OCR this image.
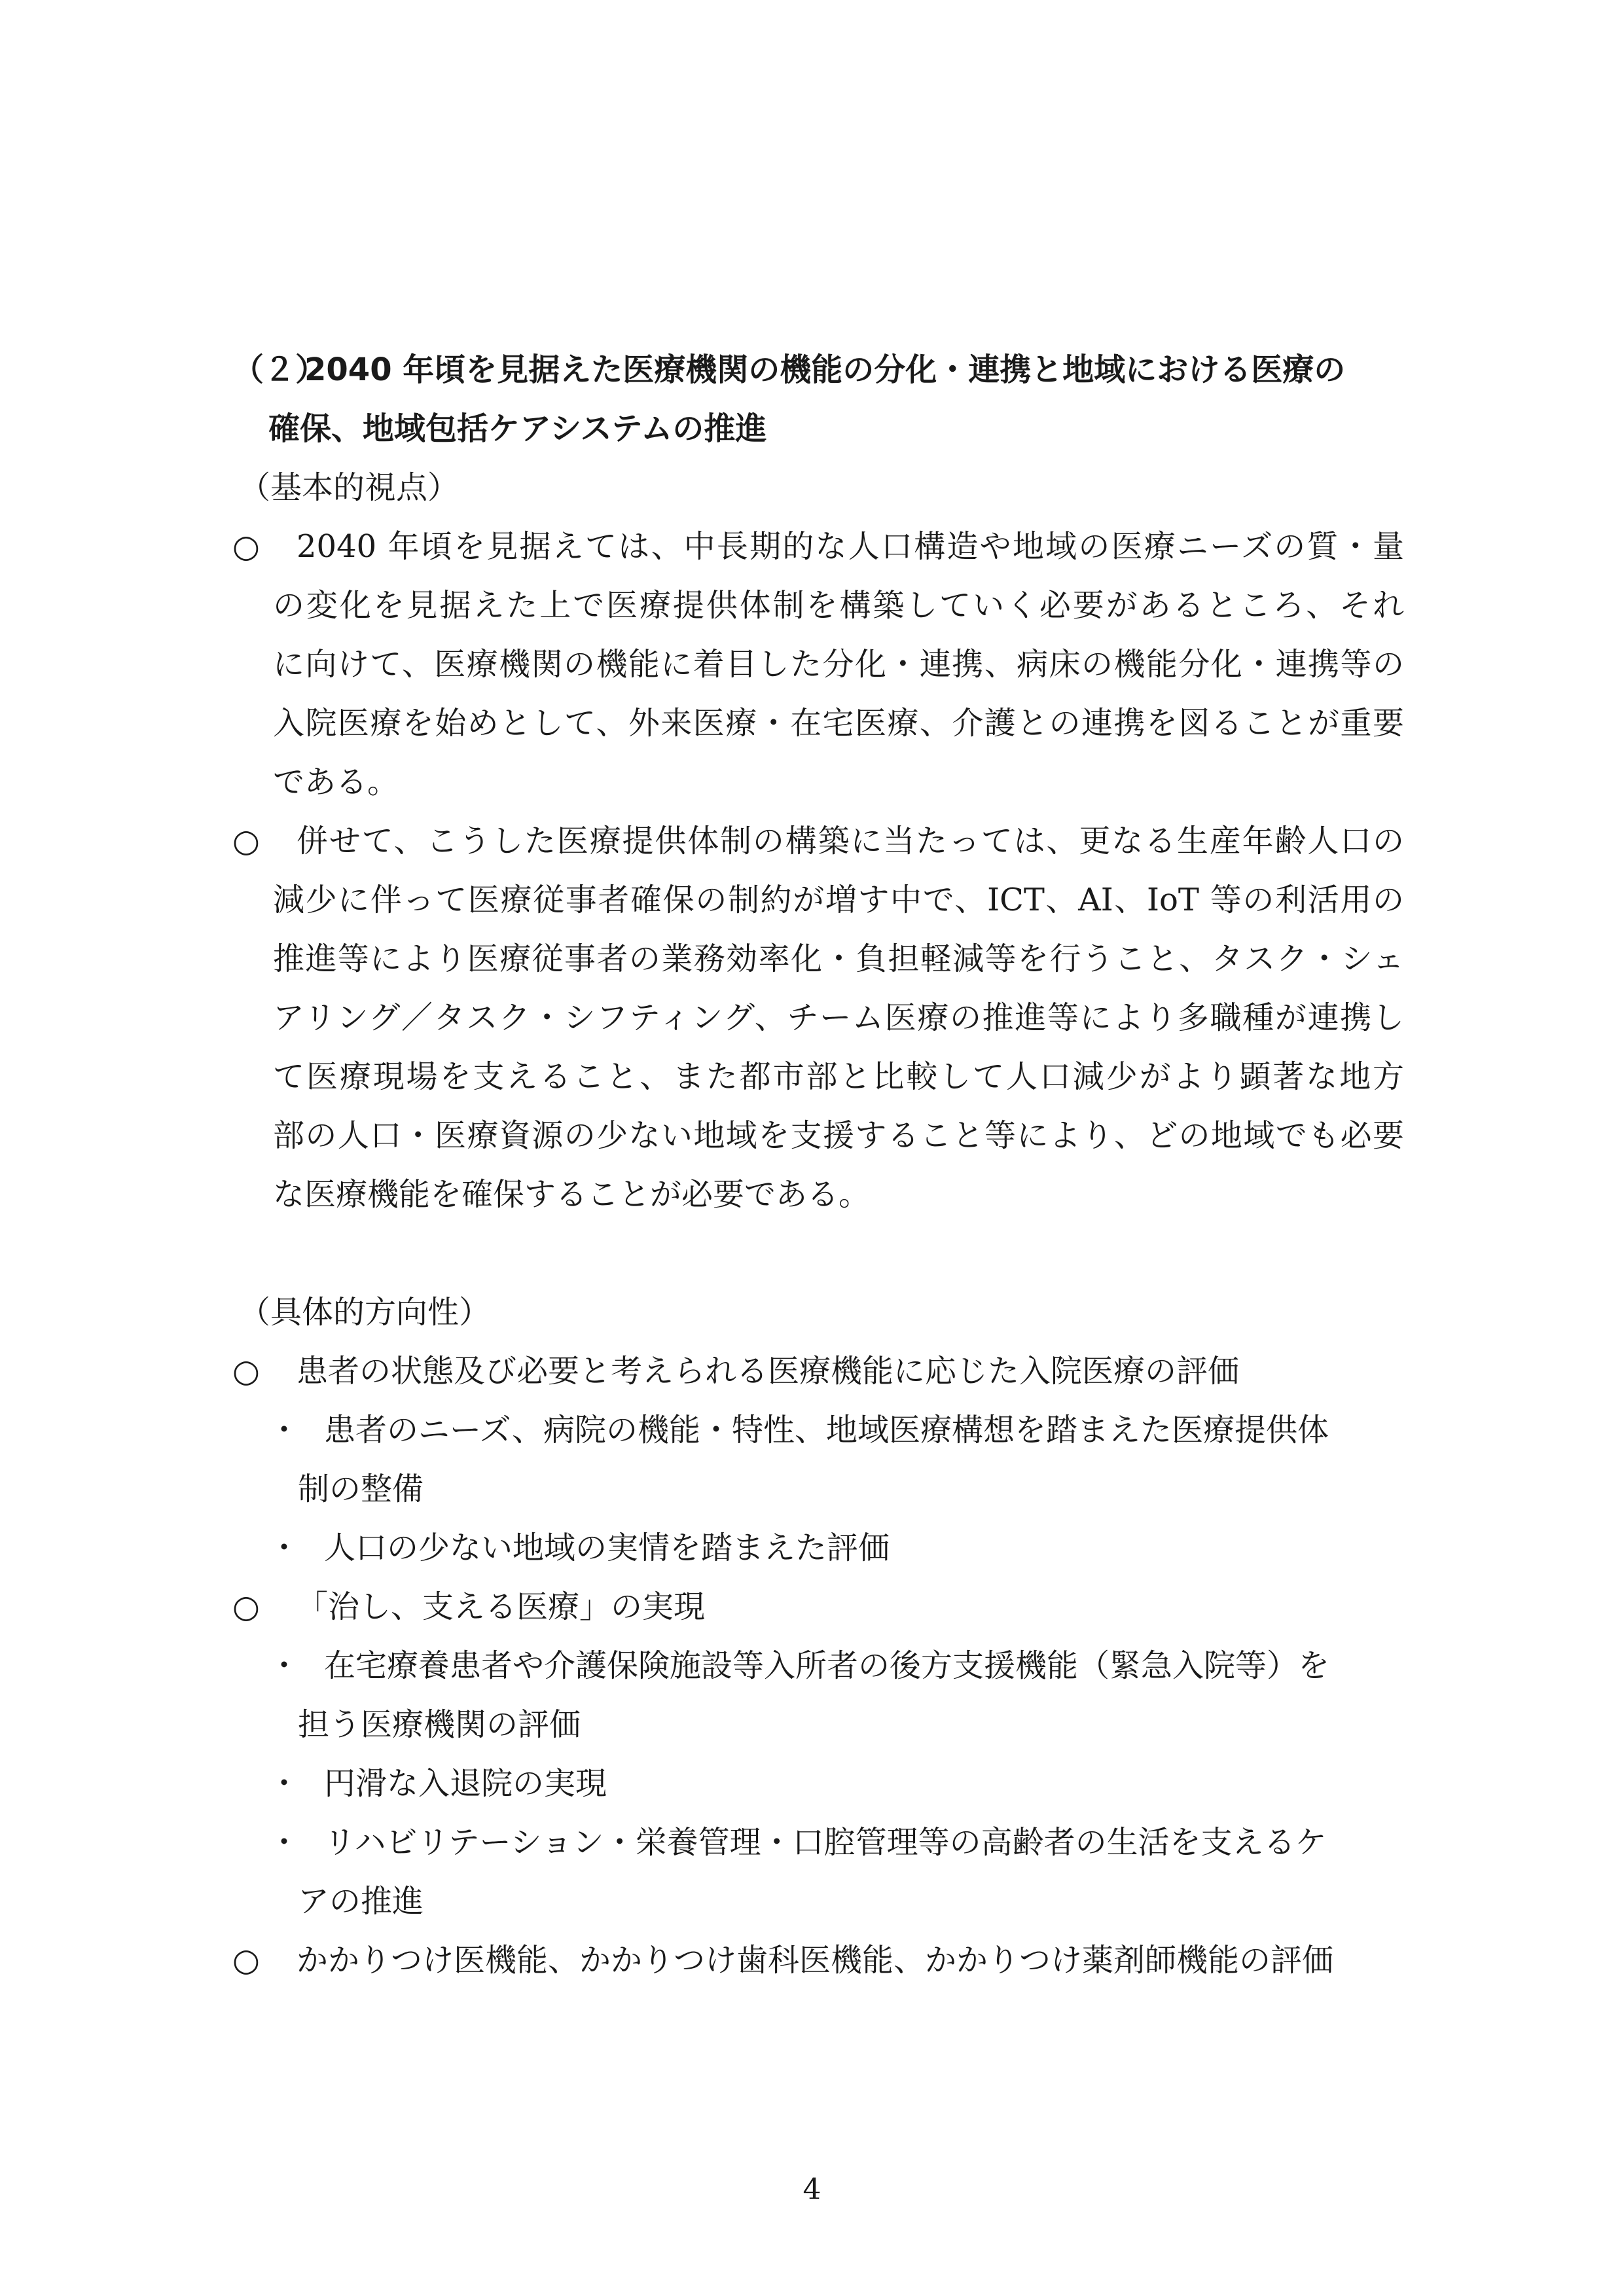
（２）2040 年頃を見据えた医療機関の機能の分化・連携と地域における医療の

確保、地域包括ケアシステムの推進

（基本的視点）

○	2040 年頃を見据えては、中長期的な人口構造や地域の医療ニーズの質・量
の変化を見据えた上で医療提供体制を構築していく必要があるところ、それ
に向けて、医療機関の機能に着目した分化・連携、病床の機能分化・連携等の
入院医療を始めとして、外来医療・在宅医療、介護との連携を図ることが重要
である。
○	併せて、こうした医療提供体制の構築に当たっては、更なる生産年齢人口の
減少に伴って医療従事者確保の制約が増す中で、ICT、AI、IoT 等の利活用の
推進等により医療従事者の業務効率化・負担軽減等を行うこと、タスク・シェ
アリング／タスク・シフティング、チーム医療の推進等により多職種が連携し
て医療現場を支えること、また都市部と比較して人口減少がより顕著な地方
部の人口・医療資源の少ない地域を支援すること等により、どの地域でも必要
な医療機能を確保することが必要である。

（具体的方向性）

○	患者の状態及び必要と考えられる医療機能に応じた入院医療の評価
・ 患者のニーズ、病院の機能・特性、地域医療構想を踏まえた医療提供体
制の整備
・ 人口の少ない地域の実情を踏まえた評価
○	「治し、支える医療」の実現
・ 在宅療養患者や介護保険施設等入所者の後方支援機能（緊急入院等）を
担う医療機関の評価
・ 円滑な入退院の実現
・ リハビリテーション・栄養管理・口腔管理等の高齢者の生活を支えるケ
アの推進
○	かかりつけ医機能、かかりつけ歯科医機能、かかりつけ薬剤師機能の評価
4
